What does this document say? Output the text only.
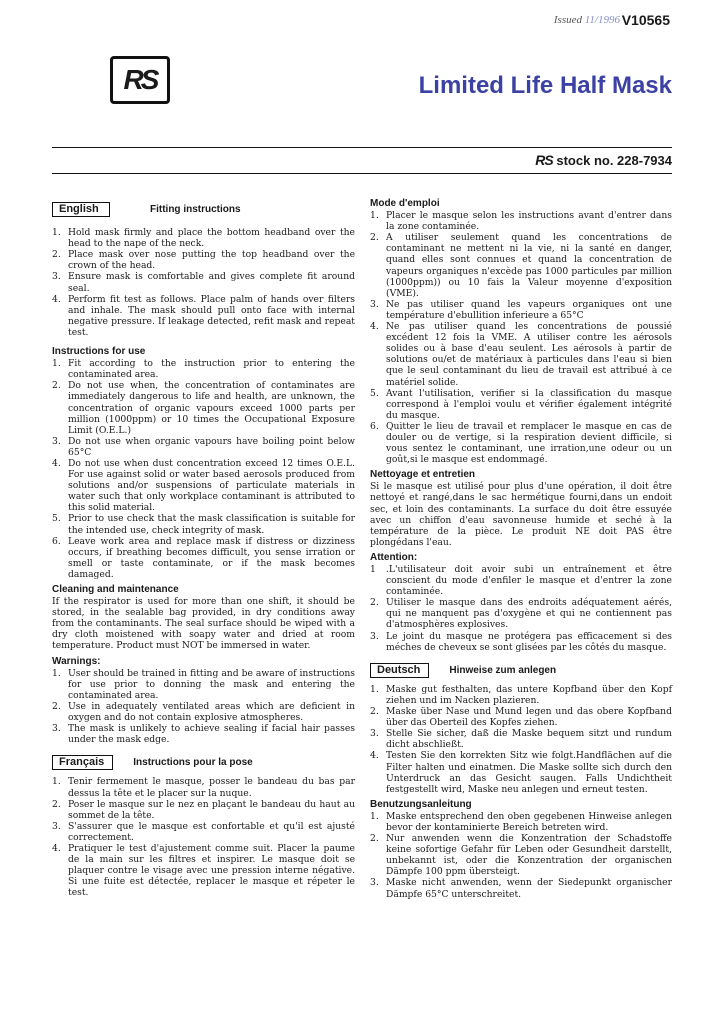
Issued 11/1996 V10565
RS	Limited Life Half Mask
RS stock no. 228-7934
English	Fitting instructions
1. Hold mask firmly and place the bottom headband over the head to the nape of the neck.
2. Place mask over nose putting the top headband over the crown of the head.
3. Ensure mask is comfortable and gives complete fit around seal.
4. Perform fit test as follows. Place palm of hands over filters and inhale. The mask should pull onto face with internal negative pressure. If leakage detected, refit mask and repeat test.
Instructions for use
1. Fit according to the instruction prior to entering the contaminated area.
2. Do not use when, the concentration of contaminates are immediately dangerous to life and health, are unknown, the concentration of organic vapours exceed 1000 parts per million (1000ppm) or 10 times the Occupational Exposure Limit (O.E.L.)
3. Do not use when organic vapours have boiling point below 65°C
4. Do not use when dust concentration exceed 12 times O.E.L. For use against solid or water based aerosols produced from solutions and/or suspensions of particulate materials in water such that only workplace contaminant is attributed to this solid material.
5. Prior to use check that the mask classification is suitable for the intended use, check integrity of mask.
6. Leave work area and replace mask if distress or dizziness occurs, if breathing becomes difficult, you sense irration or smell or taste contaminate, or if the mask becomes damaged.
Cleaning and maintenance

If the respirator is used for more than one shift, it should be stored, in the sealable bag provided, in dry conditions away from the contaminants. The seal surface should be wiped with a dry cloth moistened with soapy water and dried at room temperature. Product must NOT be immersed in water.

Warnings:
1. User should be trained in fitting and be aware of instructions for use prior to donning the mask and entering the contaminated area.
2. Use in adequately ventilated areas which are deficient in oxygen and do not contain explosive atmospheres.
3. The mask is unlikely to achieve sealing if facial hair passes under the mask edge.
Français	Instructions pour la pose
1. Tenir fermement le masque, posser le bandeau du bas par dessus la tête et le placer sur la nuque.
2. Poser le masque sur le nez en plaçant le bandeau du haut au sommet de la tête.
3. S'assurer que le masque est confortable et qu'il est ajusté correctement.
4. Pratiquer le test d'ajustement comme suit. Placer la paume de la main sur les filtres et inspirer. Le masque doit se plaquer contre le visage avec une pression interne négative. Si une fuite est détectée, replacer le masque et répeter le test.
Mode d'emploi
1. Placer le masque selon les instructions avant d'entrer dans la zone contaminée.
2. A utiliser seulement quand les concentrations de contaminant ne mettent ni la vie, ni la santé en danger, quand elles sont connues et quand la concentration de vapeurs organiques n'excède pas 1000 particules par million (1000ppm)) ou 10 fais la Valeur moyenne d'exposition (VME).
3. Ne pas utiliser quand les vapeurs organiques ont une température d'ebullition inferieure a 65°C
4. Ne pas utiliser quand les concentrations de poussié excédent 12 fois la VME. A utiliser contre les aérosols solides ou à base d'eau seulent. Les aérosols à partir de solutions ou/et de matériaux à particules dans l'eau si bien que le seul contaminant du lieu de travail est attribué à ce matériel solide.
5. Avant l'utilisation, verifier si la classification du masque correspond à l'emploi voulu et vérifier également intégrité du masque.
6. Quitter le lieu de travail et remplacer le masque en cas de douler ou de vertige, si la respiration devient difficile, si vous sentez le contaminant, une irration,une odeur ou un goût,si le masque est endommagé.
Nettoyage et entretien

Si le masque est utilisé pour plus d'une opération, il doit être nettoyé et rangé,dans le sac hermétique fourni,dans un endoit sec, et loin des contaminants. La surface du doit être essuyée avec un chiffon d'eau savonneuse humide et seché à la température de la pièce. Le produit NE doit PAS être plongédans l'eau.

Attention:
1 .L'utilisateur doit avoir subi un entraînement et être conscient du mode d'enfiler le masque et d'entrer la zone contaminée.
2. Utiliser le masque dans des endroits adéquatement aérés, qui ne manquent pas d'oxygène et qui ne contiennent pas d'atmosphères explosives.
3. Le joint du masque ne protégera pas efficacement si des méches de cheveux se sont glisées par les côtés du masque.
Deutsch	Hinweise zum anlegen
1. Maske gut festhalten, das untere Kopfband über den Kopf ziehen und im Nacken plazieren.
2. Maske über Nase und Mund legen und das obere Kopfband über das Oberteil des Kopfes ziehen.
3. Stelle Sie sicher, daß die Maske bequem sitzt und rundum dicht abschließt.
4. Testen Sie den korrekten Sitz wie folgt.Handflächen auf die Filter halten und einatmen. Die Maske sollte sich durch den Unterdruck an das Gesicht saugen. Falls Undichtheit festgestellt wird, Maske neu anlegen und erneut testen.
Benutzungsanleitung
1. Maske entsprechend den oben gegebenen Hinweise anlegen bevor der kontaminierte Bereich betreten wird.
2. Nur anwenden wenn die Konzentration der Schadstoffe keine sofortige Gefahr für Leben oder Gesundheit darstellt, unbekannt ist, oder die Konzentration der organischen Dämpfe 100 ppm übersteigt.
3. Maske nicht anwenden, wenn der Siedepunkt organischer Dämpfe 65°C unterschreitet.
